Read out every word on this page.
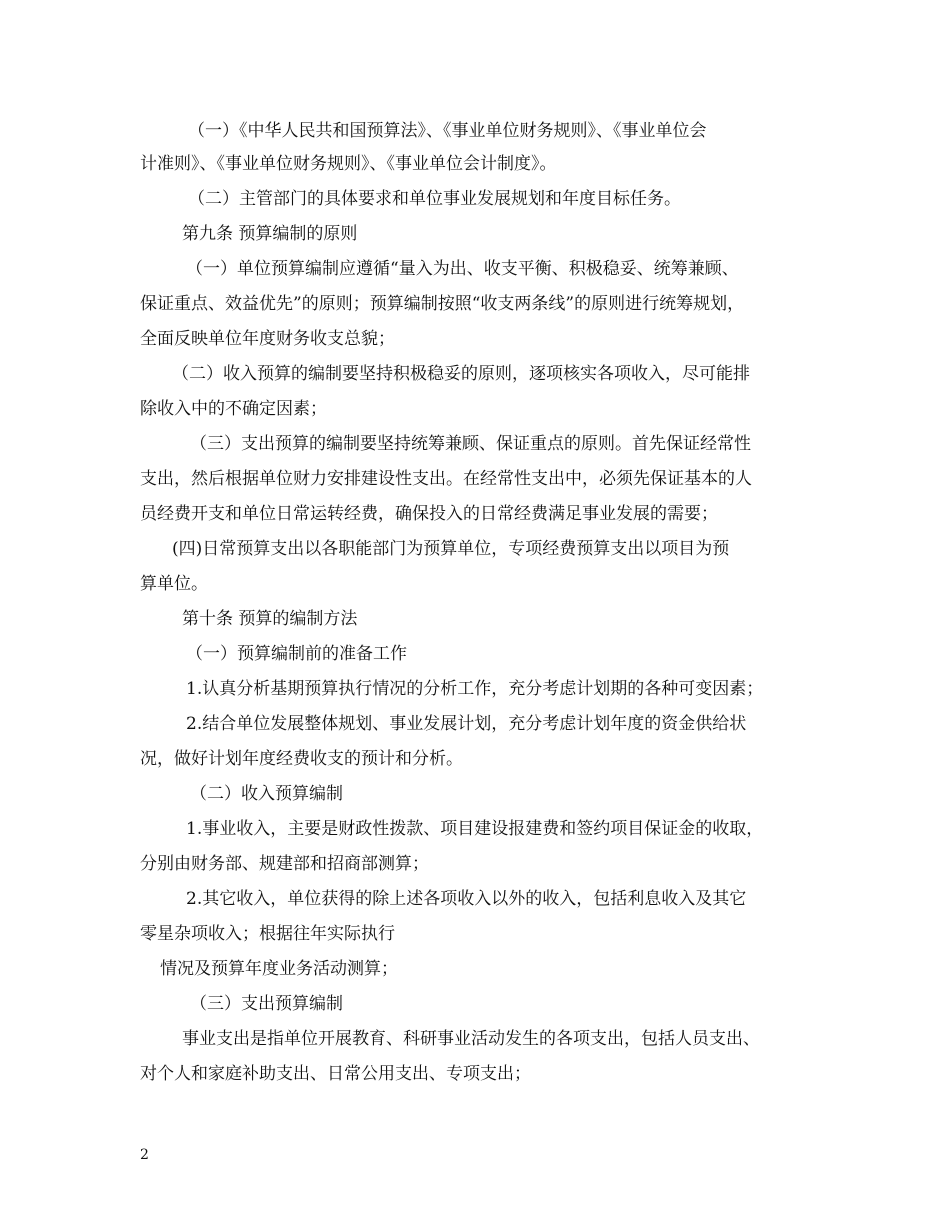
（一）《中华人民共和国预算法》、《事业单位财务规则》、《事业单位会
计准则》、《事业单位财务规则》、《事业单位会计制度》。
（二）主管部门的具体要求和单位事业发展规划和年度目标任务。
第九条 预算编制的原则
（一）单位预算编制应遵循“量入为出、收支平衡、积极稳妥、统筹兼顾、
保证重点、效益优先”的原则；预算编制按照“收支两条线”的原则进行统筹规划，
全面反映单位年度财务收支总貌；
（二）收入预算的编制要坚持积极稳妥的原则，逐项核实各项收入，尽可能排
除收入中的不确定因素；
（三）支出预算的编制要坚持统筹兼顾、保证重点的原则。首先保证经常性
支出，然后根据单位财力安排建设性支出。在经常性支出中，必须先保证基本的人
员经费开支和单位日常运转经费，确保投入的日常经费满足事业发展的需要；
(四)日常预算支出以各职能部门为预算单位，专项经费预算支出以项目为预
算单位。
第十条 预算的编制方法
（一）预算编制前的准备工作
1.认真分析基期预算执行情况的分析工作，充分考虑计划期的各种可变因素；
2.结合单位发展整体规划、事业发展计划，充分考虑计划年度的资金供给状
况，做好计划年度经费收支的预计和分析。
（二）收入预算编制
1.事业收入，主要是财政性拨款、项目建设报建费和签约项目保证金的收取，
分别由财务部、规建部和招商部测算；
2.其它收入，单位获得的除上述各项收入以外的收入，包括利息收入及其它
零星杂项收入；根据往年实际执行
情况及预算年度业务活动测算；
（三）支出预算编制
事业支出是指单位开展教育、科研事业活动发生的各项支出，包括人员支出、
对个人和家庭补助支出、日常公用支出、专项支出；
2
